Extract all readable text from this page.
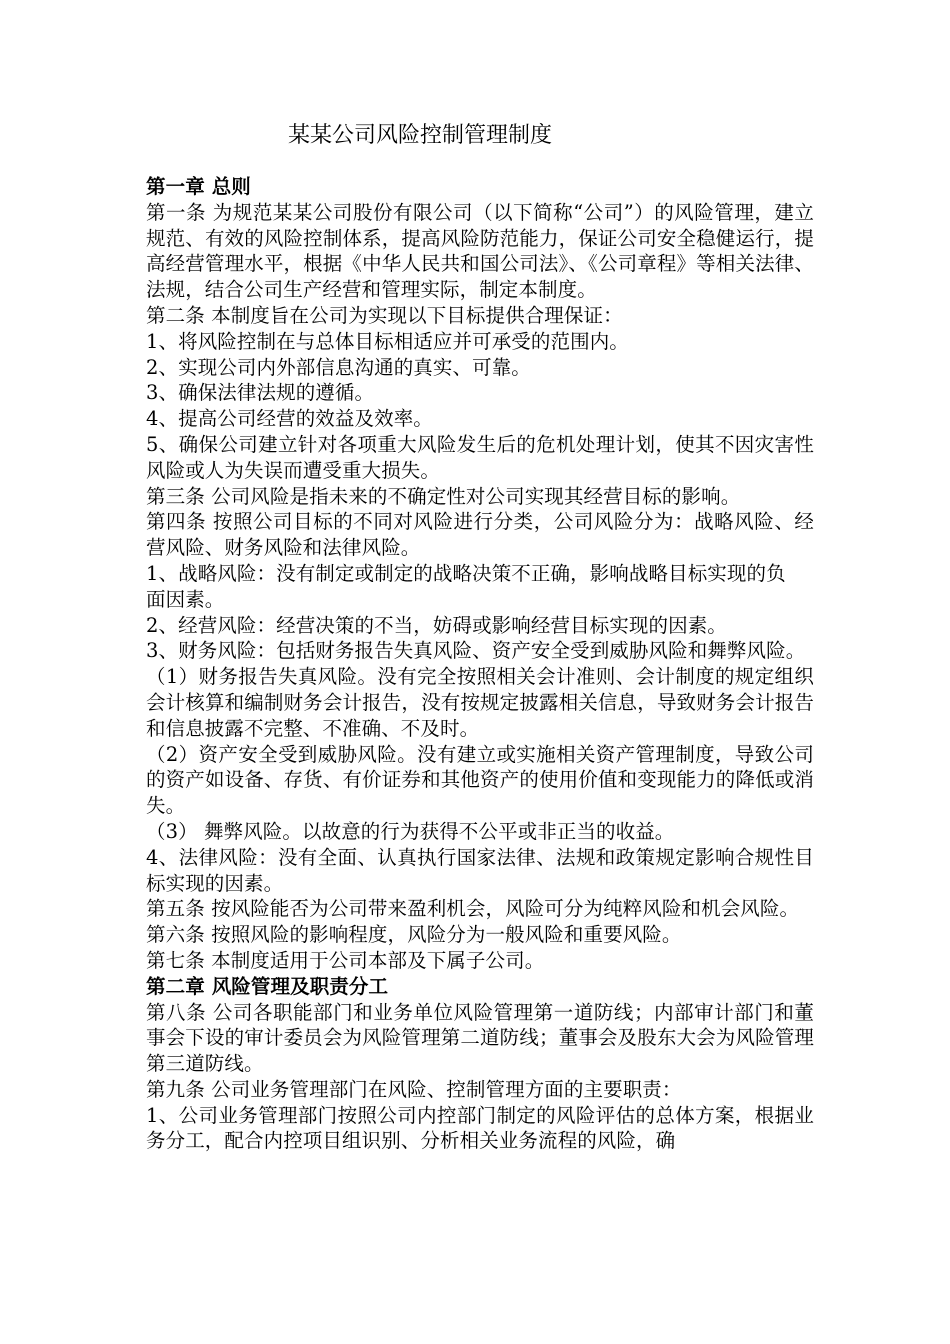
某某公司风险控制管理制度

第一章 总则

第一条 为规范某某公司股份有限公司（以下简称“公司”）的风险管理，建立规范、有效的风险控制体系，提高风险防范能力，保证公司安全稳健运行，提高经营管理水平，根据《中华人民共和国公司法》、《公司章程》等相关法律、法规，结合公司生产经营和管理实际，制定本制度。

第二条 本制度旨在公司为实现以下目标提供合理保证：

1、将风险控制在与总体目标相适应并可承受的范围内。

2、实现公司内外部信息沟通的真实、可靠。

3、确保法律法规的遵循。

4、提高公司经营的效益及效率。

5、确保公司建立针对各项重大风险发生后的危机处理计划，使其不因灾害性风险或人为失误而遭受重大损失。

第三条 公司风险是指未来的不确定性对公司实现其经营目标的影响。

第四条 按照公司目标的不同对风险进行分类，公司风险分为：战略风险、经营风险、财务风险和法律风险。

1、战略风险：没有制定或制定的战略决策不正确，影响战略目标实现的负

面因素。

2、经营风险：经营决策的不当，妨碍或影响经营目标实现的因素。

3、财务风险：包括财务报告失真风险、资产安全受到威胁风险和舞弊风险。

（1）财务报告失真风险。没有完全按照相关会计准则、会计制度的规定组织会计核算和编制财务会计报告，没有按规定披露相关信息，导致财务会计报告和信息披露不完整、不准确、不及时。

（2）资产安全受到威胁风险。没有建立或实施相关资产管理制度，导致公司的资产如设备、存货、有价证券和其他资产的使用价值和变现能力的降低或消失。

（3） 舞弊风险。以故意的行为获得不公平或非正当的收益。

4、法律风险：没有全面、认真执行国家法律、法规和政策规定影响合规性目标实现的因素。

第五条 按风险能否为公司带来盈利机会，风险可分为纯粹风险和机会风险。

第六条 按照风险的影响程度，风险分为一般风险和重要风险。

第七条 本制度适用于公司本部及下属子公司。

第二章 风险管理及职责分工

第八条 公司各职能部门和业务单位风险管理第一道防线；内部审计部门和董事会下设的审计委员会为风险管理第二道防线；董事会及股东大会为风险管理第三道防线。

第九条 公司业务管理部门在风险、控制管理方面的主要职责：

1、公司业务管理部门按照公司内控部门制定的风险评估的总体方案，根据业务分工，配合内控项目组识别、分析相关业务流程的风险，确
